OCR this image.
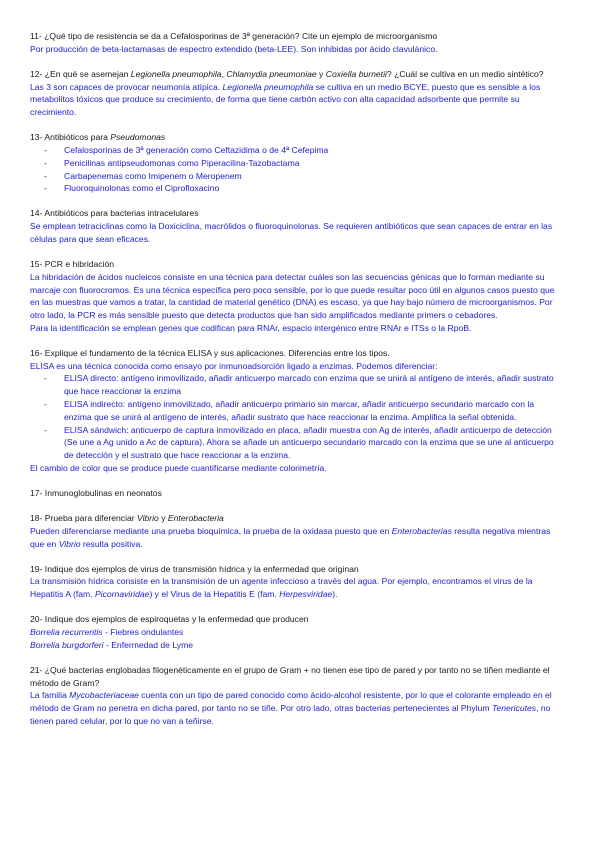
11- ¿Qué tipo de resistencia se da a Cefalosporinas de 3ª generación? Cite un ejemplo de microorganismo

Por producción de beta-lactamasas de espectro extendido (beta-LEE). Son inhibidas por ácido clavulánico.

12- ¿En qué se asemejan Legionella pneumophila, Chlamydia pneumoniae y Coxiella burnetii? ¿Cuál se cultiva en un medio sintético?

Las 3 son capaces de provocar neumonía atípica. Legionella pneumophila se cultiva en un medio BCYE, puesto que es sensible a los metabolitos tóxicos que produce su crecimiento, de forma que tiene carbón activo con alta capacidad adsorbente que permite su crecimiento.

13- Antibióticos para Pseudomonas

- Cefalosporinas de 3ª generación como Ceftazidima o de 4ª Cefepima
- Penicilinas antipseudomonas como Piperacilina-Tazobactama
- Carbapenemas como Imipenem o Meropenem
- Fluoroquinolonas como el Ciprofloxacino

14- Antibióticos para bacterias intracelulares

Se emplean tetraciclinas como la Doxiciclina, macrólidos o fluoroquinolonas. Se requieren antibióticos que sean capaces de entrar en las células para que sean eficaces.

15- PCR e hibridación

La hibridación de ácidos nucleicos consiste en una técnica para detectar cuáles son las secuencias génicas que lo forman mediante su marcaje con fluorocromos. Es una técnica específica pero poco sensible, por lo que puede resultar poco útil en algunos casos puesto que en las muestras que vamos a tratar, la cantidad de material genético (DNA) es escaso, ya que hay bajo número de microorganismos. Por otro lado, la PCR es más sensible puesto que detecta productos que han sido amplificados mediante primers o cebadores.

Para la identificación se emplean genes que codifican para RNAr, espacio intergénico entre RNAr e ITSs o la RpoB.

16- Explique el fundamento de la técnica ELISA y sus aplicaciones. Diferencias entre los tipos.

ELISA es una técnica conocida como ensayo por inmunoadsorción ligado a enzimas. Podemos diferenciar:

- ELISA directo: antígeno inmovilizado, añadir anticuerpo marcado con enzima que se unirá al antígeno de interés, añadir sustrato que hace reaccionar la enzima
- ELISA indirecto: antígeno inmovilizado, añadir anticuerpo primario sin marcar, añadir anticuerpo secundario marcado con la enzima que se unirá al antígeno de interés, añadir sustrato que hace reaccionar la enzima. Amplifica la señal obtenida.
- ELISA sándwich: anticuerpo de captura inmovilizado en placa, añadir muestra con Ag de interés, añadir anticuerpo de detección (Se une a Ag unido a Ac de captura). Ahora se añade un anticuerpo secundario marcado con la enzima que se une al anticuerpo de detección y el sustrato que hace reaccionar a la enzima.

El cambio de color que se produce puede cuantificarse mediante colorimetría.

17- Inmunoglobulinas en neonatos

18- Prueba para diferenciar Vibrio y Enterobacteria

Pueden diferenciarse mediante una prueba bioquímica, la prueba de la oxidasa puesto que en Enterobacterias resulta negativa mientras que en Vibrio resulta positiva.

19- Indique dos ejemplos de virus de transmisión hídrica y la enfermedad que originan

La transmisión hídrica consiste en la transmisión de un agente infeccioso a través del agua. Por ejemplo, encontramos el virus de la Hepatitis A (fam. Picornaviridae) y el Virus de la Hepatitis E (fam. Herpesviridae).

20- Indique dos ejemplos de espiroquetas y la enfermedad que producen

Borrelia recurrentis - Fiebres ondulantes

Borrelia burgdorferi - Enfermedad de Lyme

21- ¿Qué bacterias englobadas filogenéticamente en el grupo de Gram + no tienen ese tipo de pared y por tanto no se tiñen mediante el método de Gram?

La familia Mycobacteriaceae cuenta con un tipo de pared conocido como ácido-alcohol resistente, por lo que el colorante empleado en el método de Gram no penetra en dicha pared, por tanto no se tiñe. Por otro lado, otras bacterias pertenecientes al Phylum Tenericutes, no tienen pared celular, por lo que no van a teñirse.
